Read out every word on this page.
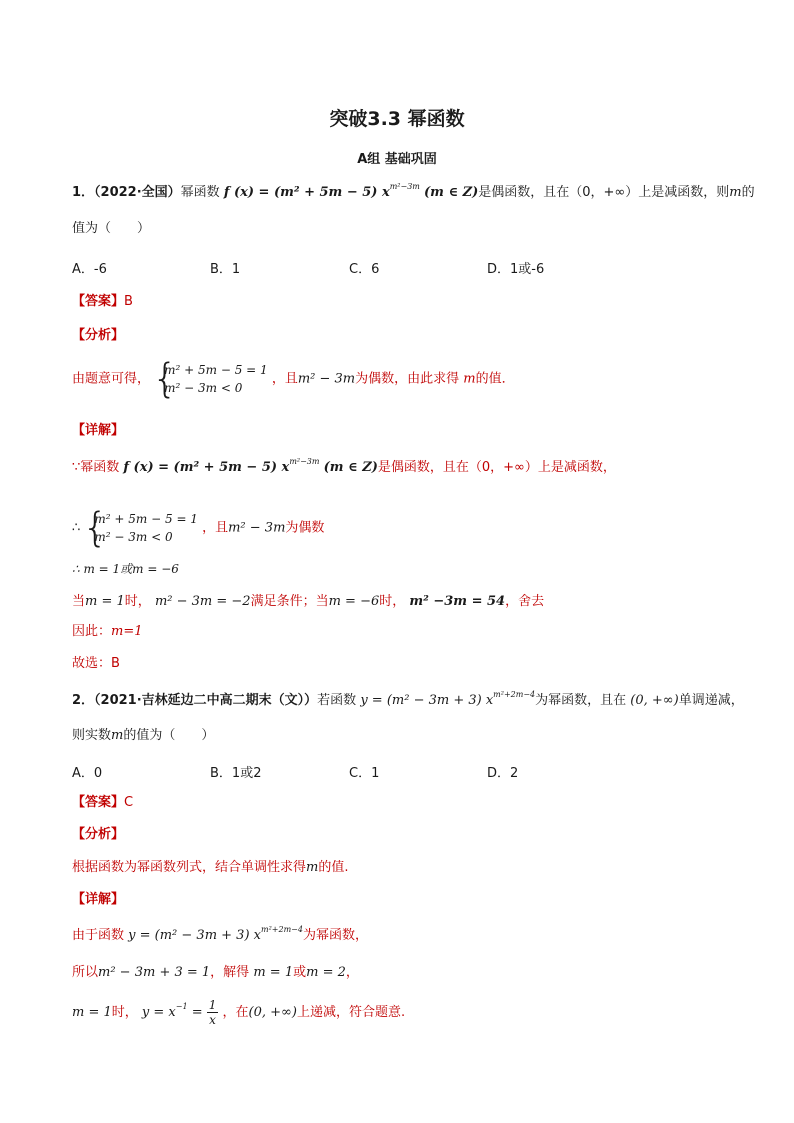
突破3.3 幂函数
A组 基础巩固
1．（2022·全国）幂函数 f (x) = (m² + 5m − 5) $x^{m^2-3m}$ (m ∈ Z)是偶函数，且在（0，+∞）上是减函数，则m的
值为（　　）
A．-6	B．1	C．6	D．1或-6
【答案】B
【分析】
由题意可得，
{ m² + 5m − 5 = 1
m² − 3m < 0
，且m² − 3m为偶数，由此求得 m的值．
【详解】
∵幂函数 f (x) = (m² + 5m − 5) $x^{m^2-3m}$ (m ∈ Z)是偶函数，且在（0，+∞）上是减函数，
∴
{ m² + 5m − 5 = 1
m² − 3m < 0
，且m² − 3m为偶数
∴ m = 1或m = −6
当m = 1时， m² − 3m = −2满足条件；当m = −6时， m² −3m = 54，舍去
因此：m=1
故选：B
2．（2021·吉林延边二中高二期末（文））若函数 y = (m² − 3m + 3) $x^{m^2+2m-4}$为幂函数，且在 (0, +∞)单调递减，
则实数m的值为（　　）
A．0	B．1或2	C．1	D．2
【答案】C
【分析】
根据函数为幂函数列式，结合单调性求得m的值.
【详解】
由于函数 y = (m² − 3m + 3) $x^{m^2+2m-4}$为幂函数，
所以m² − 3m + 3 = 1，解得 m = 1或m = 2，
m = 1时， $y = x^{-1} = \frac{1}{x}$ ，在(0, +∞)上递减，符合题意.
